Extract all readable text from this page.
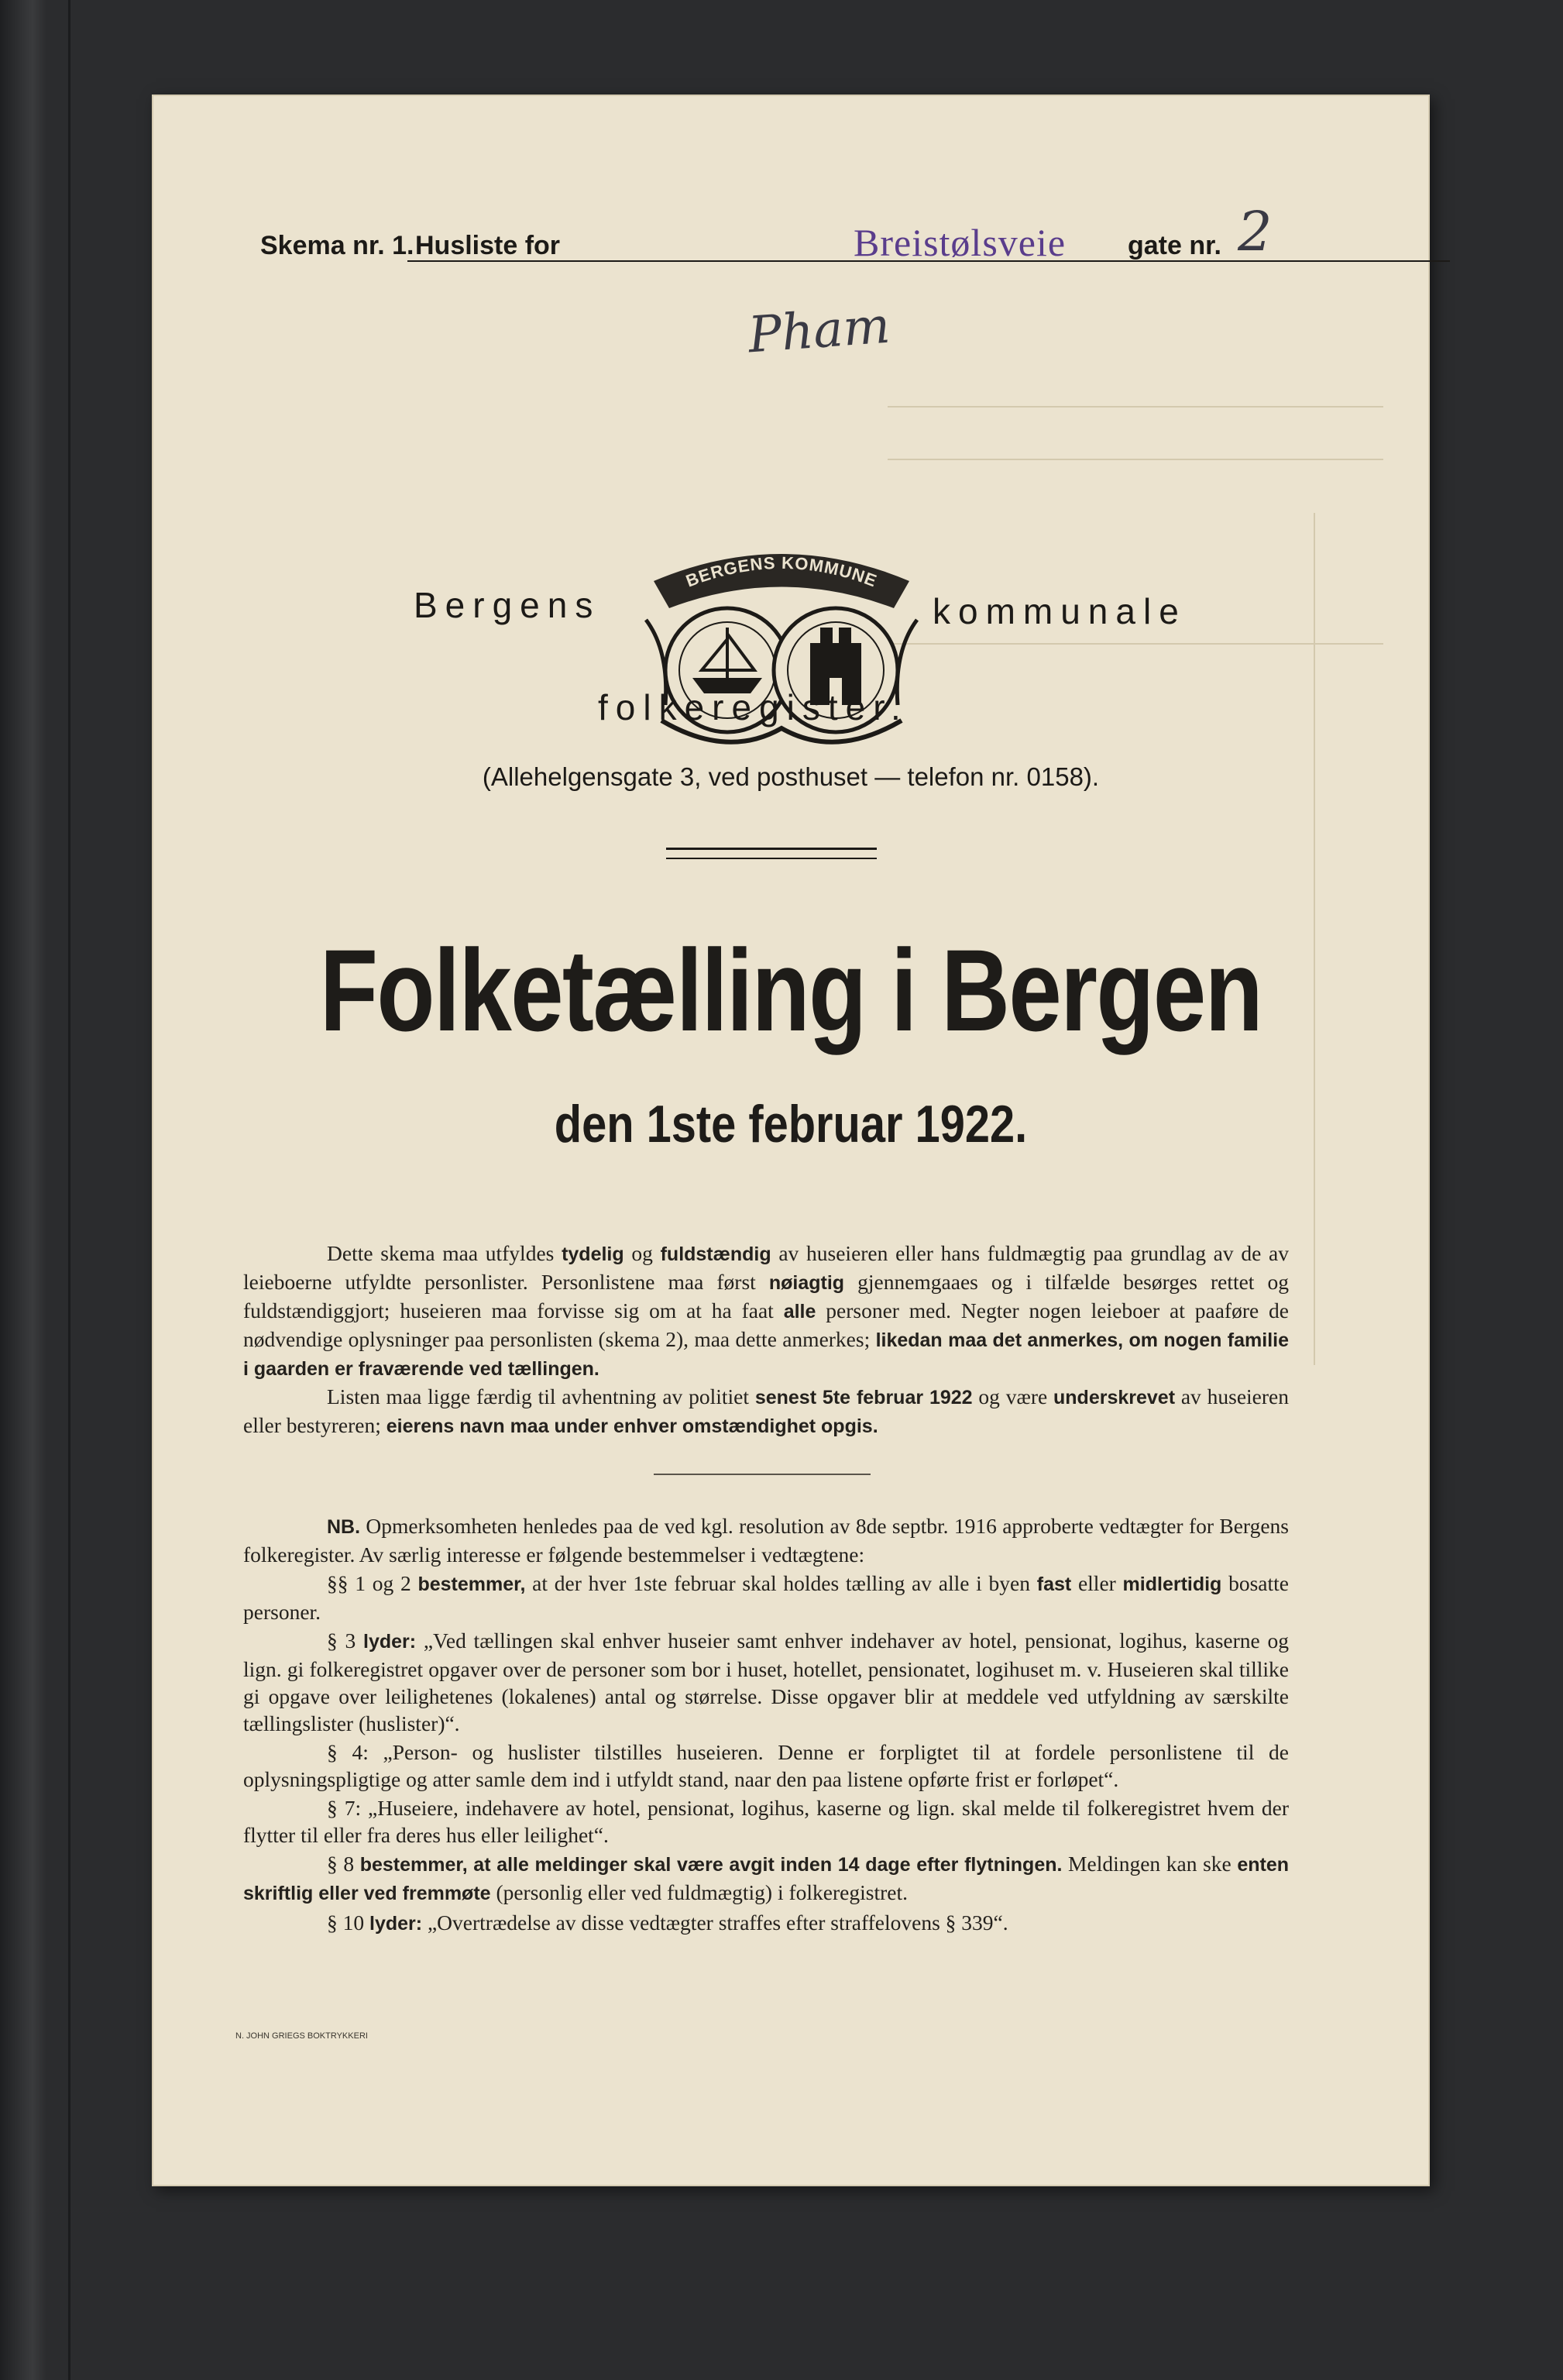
Skema nr. 1. Husliste for	gate nr.
Breistølsveie	2
Pham
Bergens
BERGENS KOMMUNE
kommunale
folkeregister.
(Allehelgensgate 3, ved posthuset — telefon nr. 0158).
Folketælling i Bergen
den 1ste februar 1922.

Dette skema maa utfyldes tydelig og fuldstændig av huseieren eller hans fuldmægtig paa grundlag av de av leieboerne utfyldte personlister. Personlistene maa først nøiagtig gjennemgaaes og i tilfælde besørges rettet og fuldstændiggjort; huseieren maa forvisse sig om at ha faat alle personer med. Negter nogen leieboer at paaføre de nødvendige oplysninger paa personlisten (skema 2), maa dette anmerkes; likedan maa det anmerkes, om nogen familie i gaarden er fraværende ved tællingen.

Listen maa ligge færdig til avhentning av politiet senest 5te februar 1922 og være underskrevet av huseieren eller bestyreren; eierens navn maa under enhver omstændighet opgis.

NB. Opmerksomheten henledes paa de ved kgl. resolution av 8de septbr. 1916 approberte vedtægter for Bergens folkeregister. Av særlig interesse er følgende bestemmelser i vedtægtene:

§§ 1 og 2 bestemmer, at der hver 1ste februar skal holdes tælling av alle i byen fast eller midlertidig bosatte personer.

§ 3 lyder: „Ved tællingen skal enhver huseier samt enhver indehaver av hotel, pensionat, logihus, kaserne og lign. gi folkeregistret opgaver over de personer som bor i huset, hotellet, pensionatet, logihuset m. v. Huseieren skal tillike gi opgave over leilighetenes (lokalenes) antal og størrelse. Disse opgaver blir at meddele ved utfyldning av særskilte tællingslister (huslister)“.

§ 4: „Person- og huslister tilstilles huseieren. Denne er forpligtet til at fordele personlistene til de oplysningspligtige og atter samle dem ind i utfyldt stand, naar den paa listene opførte frist er forløpet“.

§ 7: „Huseiere, indehavere av hotel, pensionat, logihus, kaserne og lign. skal melde til folkeregistret hvem der flytter til eller fra deres hus eller leilighet“.

§ 8 bestemmer, at alle meldinger skal være avgit inden 14 dage efter flytningen. Meldingen kan ske enten skriftlig eller ved fremmøte (personlig eller ved fuldmægtig) i folkeregistret.

§ 10 lyder: „Overtrædelse av disse vedtægter straffes efter straffelovens § 339“.

N. JOHN GRIEGS BOKTRYKKERI
